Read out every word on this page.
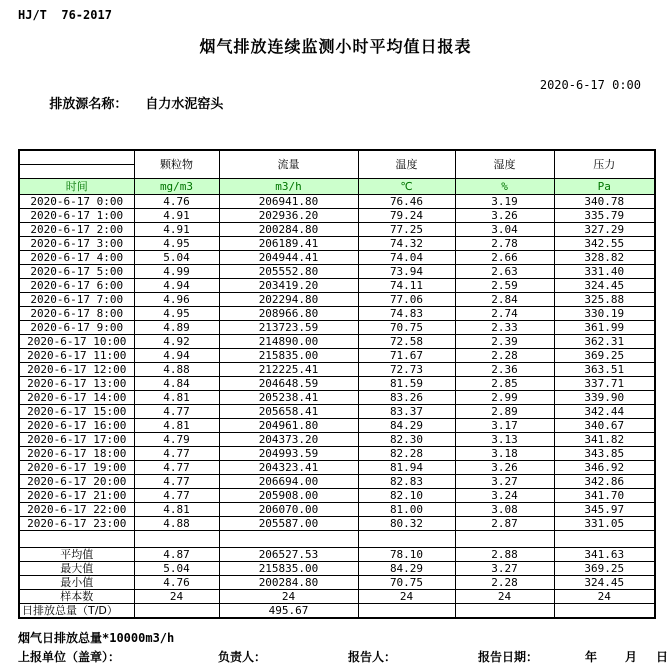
HJ/T  76-2017
烟气排放连续监测小时平均值日报表

排放源名称： 自力水泥窑头

2020-6-17 0:00
	颗粒物	流量	温度	湿度	压力

时间	mg/m3	m3/h	℃	%	Pa
2020-6-17 0:00	4.76	206941.80	76.46	3.19	340.78
2020-6-17 1:00	4.91	202936.20	79.24	3.26	335.79
2020-6-17 2:00	4.91	200284.80	77.25	3.04	327.29
2020-6-17 3:00	4.95	206189.41	74.32	2.78	342.55
2020-6-17 4:00	5.04	204944.41	74.04	2.66	328.82
2020-6-17 5:00	4.99	205552.80	73.94	2.63	331.40
2020-6-17 6:00	4.94	203419.20	74.11	2.59	324.45
2020-6-17 7:00	4.96	202294.80	77.06	2.84	325.88
2020-6-17 8:00	4.95	208966.80	74.83	2.74	330.19
2020-6-17 9:00	4.89	213723.59	70.75	2.33	361.99
2020-6-17 10:00	4.92	214890.00	72.58	2.39	362.31
2020-6-17 11:00	4.94	215835.00	71.67	2.28	369.25
2020-6-17 12:00	4.88	212225.41	72.73	2.36	363.51
2020-6-17 13:00	4.84	204648.59	81.59	2.85	337.71
2020-6-17 14:00	4.81	205238.41	83.26	2.99	339.90
2020-6-17 15:00	4.77	205658.41	83.37	2.89	342.44
2020-6-17 16:00	4.81	204961.80	84.29	3.17	340.67
2020-6-17 17:00	4.79	204373.20	82.30	3.13	341.82
2020-6-17 18:00	4.77	204993.59	82.28	3.18	343.85
2020-6-17 19:00	4.77	204323.41	81.94	3.26	346.92
2020-6-17 20:00	4.77	206694.00	82.83	3.27	342.86
2020-6-17 21:00	4.77	205908.00	82.10	3.24	341.70
2020-6-17 22:00	4.81	206070.00	81.00	3.08	345.97
2020-6-17 23:00	4.88	205587.00	80.32	2.87	331.05

平均值	4.87	206527.53	78.10	2.88	341.63
最大值	5.04	215835.00	84.29	3.27	369.25
最小值	4.76	200284.80	70.75	2.28	324.45
样本数	24	24	24	24	24
日排放总量（T/D）		495.67			
烟气日排放总量*10000m3/h
上报单位（盖章）：	负责人：	报告人：	报告日期：	年 月 日
